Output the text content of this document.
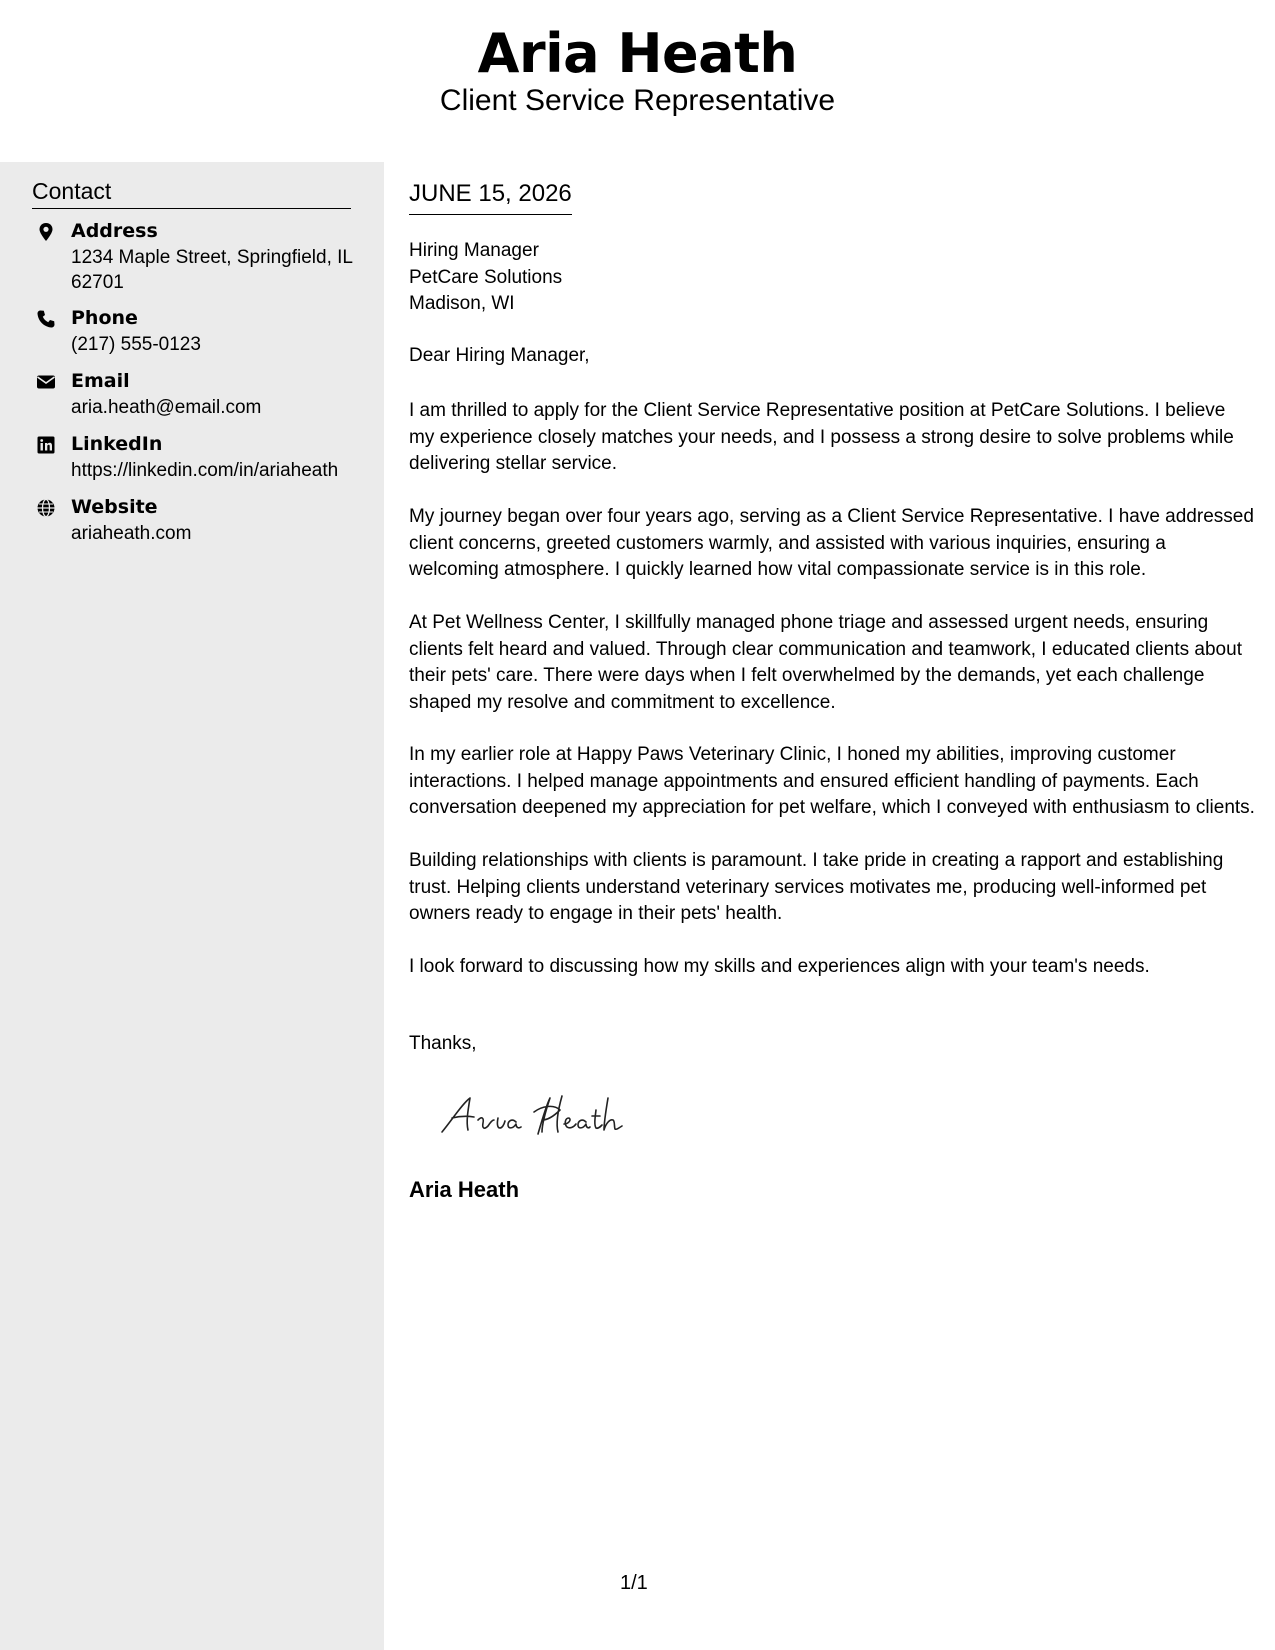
Aria Heath
Client Service Representative
Contact
Address
1234 Maple Street, Springfield, IL 62701
Phone
(217) 555-0123
Email
aria.heath@email.com
LinkedIn
https://linkedin.com/in/ariaheath
Website
ariaheath.com
JUNE 15, 2026
Hiring Manager
PetCare Solutions
Madison, WI
Dear Hiring Manager,

I am thrilled to apply for the Client Service Representative position at PetCare Solutions. I believe my experience closely matches your needs, and I possess a strong desire to solve problems while delivering stellar service.

My journey began over four years ago, serving as a Client Service Representative. I have addressed client concerns, greeted customers warmly, and assisted with various inquiries, ensuring a welcoming atmosphere. I quickly learned how vital compassionate service is in this role.

At Pet Wellness Center, I skillfully managed phone triage and assessed urgent needs, ensuring clients felt heard and valued. Through clear communication and teamwork, I educated clients about their pets' care. There were days when I felt overwhelmed by the demands, yet each challenge shaped my resolve and commitment to excellence.

In my earlier role at Happy Paws Veterinary Clinic, I honed my abilities, improving customer interactions. I helped manage appointments and ensured efficient handling of payments. Each conversation deepened my appreciation for pet welfare, which I conveyed with enthusiasm to clients.

Building relationships with clients is paramount. I take pride in creating a rapport and establishing trust. Helping clients understand veterinary services motivates me, producing well-informed pet owners ready to engage in their pets' health.

I look forward to discussing how my skills and experiences align with your team's needs.

Thanks,
Aria Heath
1/1
